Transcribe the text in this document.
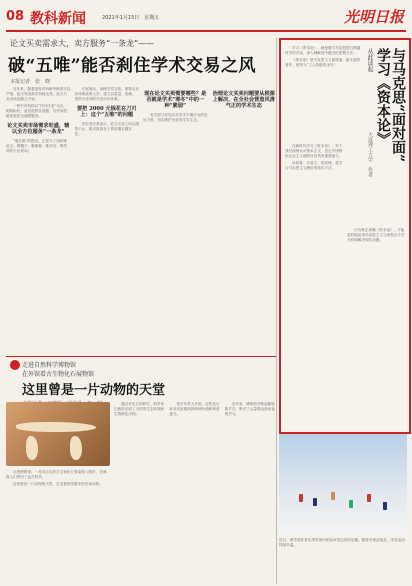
08 教科新闻	2021年1月15日　星期五	光明日报
论文买卖需求大，卖方服务“一条龙”——
破“五唯”能否刹住学术交易之风
本报记者　张　晓

近年来，随着高校对科研考核的日趋严格，论文发表需求持续走高，论文买卖市场也随之兴起。

一些中介机构以“代写代发”为名，明码标价，甚至提供从选题、写作到投稿发表的全流程服务。

论文买卖市场需求旺盛，辅以全方位服务“一条龙”

“破五唯”的提出，正是为了扭转唯论文、唯帽子、唯职称、唯学历、唯奖项的不良导向。

专家指出，治理学术交易，需要从评价体系改革入手，建立以质量、贡献、绩效为导向的分类评价体系。

要把 2000 元钱花在刀刃上：这个“五唯”的问题

多位受访者表示，论文买卖之所以屡禁不止，根本原因在于需求端长期存在。

现在论文买卖需要哪些？是否就是学术“寒冬”中的一种“脆弱”

有关部门应加大对学术不端行为的惩处力度，切实维护良好的学术生态。

治理论文买卖问题要从根源上解决，在全社会营造风清气正的学术生态

学习《资本论》，就是要与马克思进行跨越时空的对话，深入理解其中蕴含的思想方法。

《资本论》是马克思主义最厚重、最丰富的著作，被誉为“工人阶级的圣经”。	从此读起	与马克思“面对面”
学习《资本论》
大连理工大学　作者

在新时代学习《资本论》，对于我们深刻认识资本主义、坚定中国特色社会主义道路自信具有重要意义。

读原著、学原文、悟原理，是学习马克思主义理论的根本方法。

只有真正读懂《资本论》，才能更好地运用马克思主义立场观点方法分析和解决现实问题。

走进自然科学博物馆
在外馆看古生物化石展物馆
这里曾是一片动物的天堂

走进博物馆，一具具巨大的古生物化石骨架映入眼帘，仿佛将人们带回了远古时代。

这里曾是一片动物的天堂，生活着种类繁多的史前动物。

通过对化石的研究，科学家们逐步还原了当时的生态环境和生物演化历程。

馆方负责人介绍，这些化石标本具有极高的科研价值和科普意义。

近年来，博物馆不断创新展陈方式，吸引了大量观众前来参观学习。

近日，滑雪爱好者在滑雪场内体验冰雪运动的乐趣。随着冬奥会临近，冰雪运动持续升温。
